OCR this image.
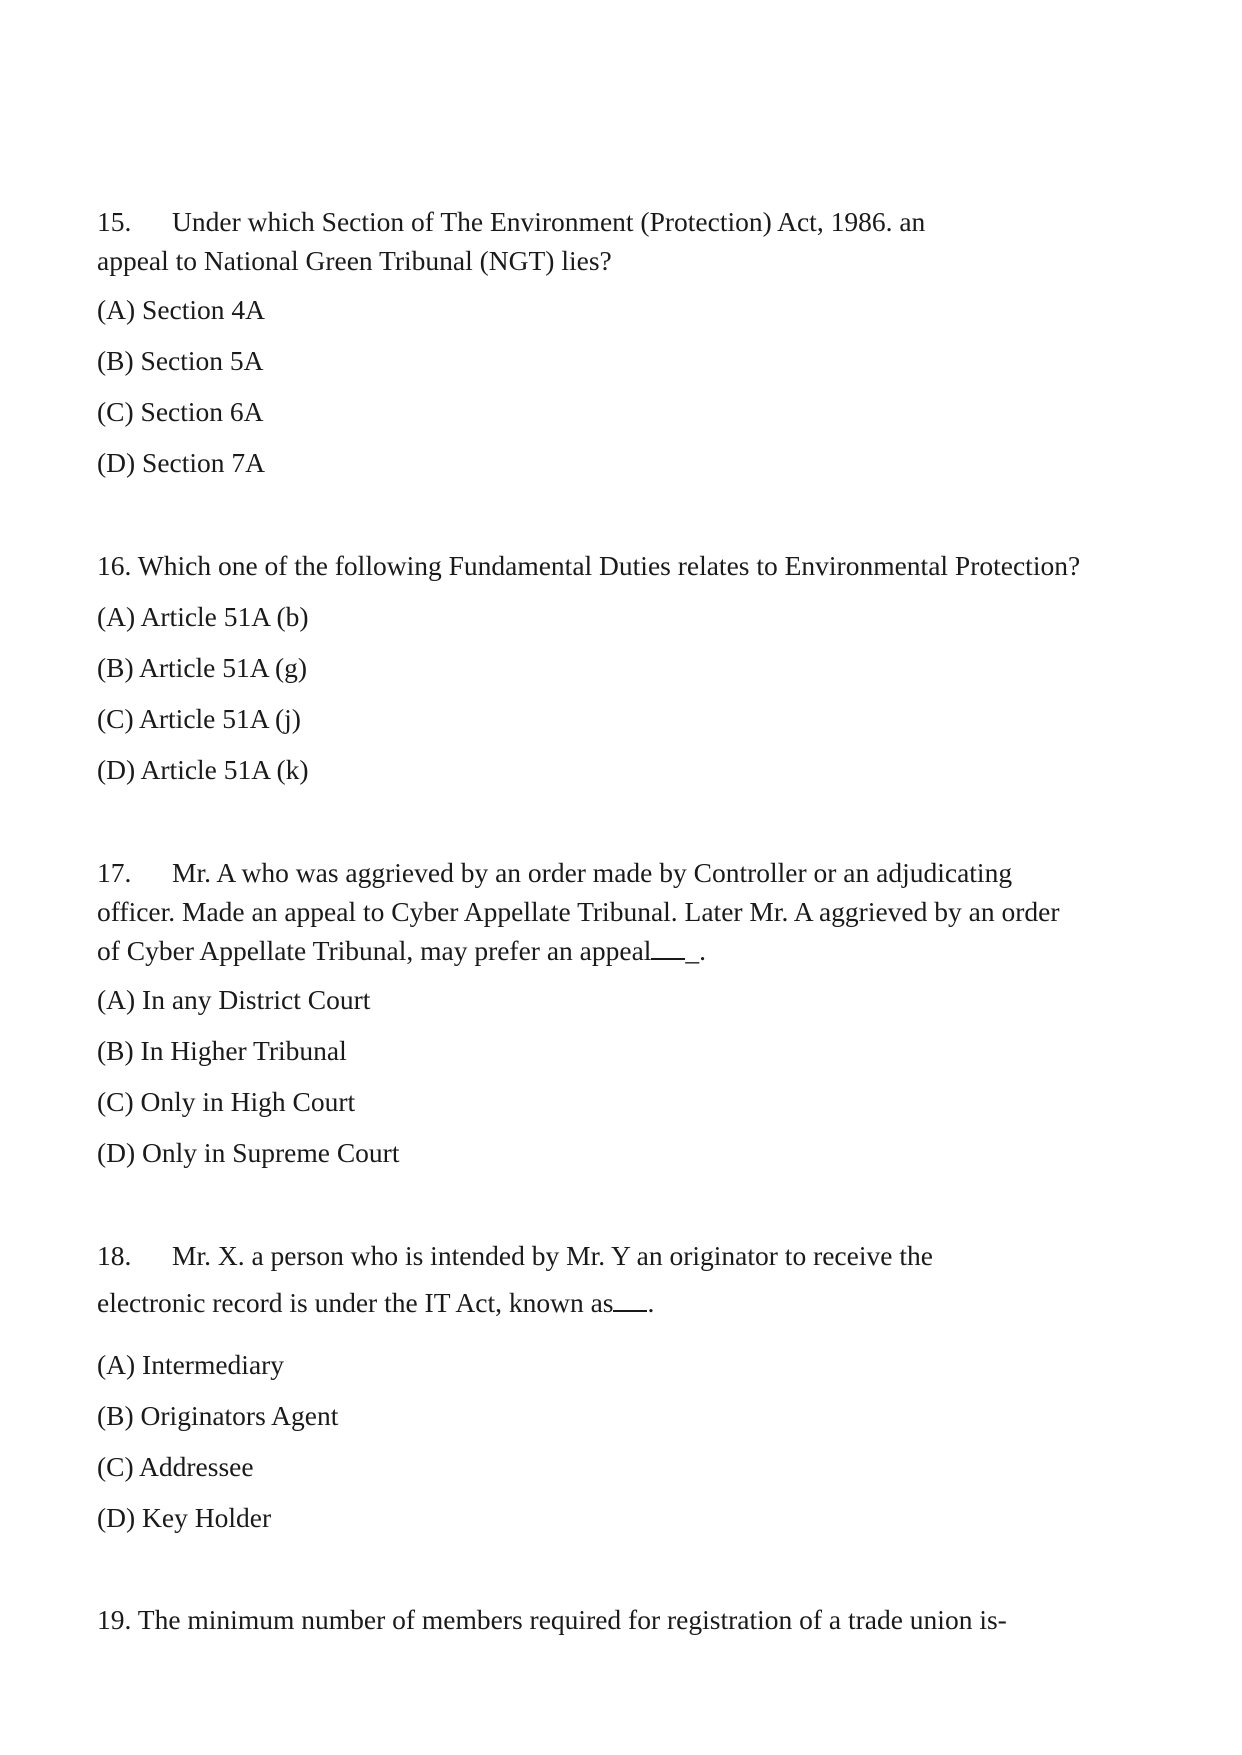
15. Under which Section of The Environment (Protection) Act, 1986. an
appeal to National Green Tribunal (NGT) lies?
(A) Section 4A
(B) Section 5A
(C) Section 6A
(D) Section 7A
16. Which one of the following Fundamental Duties relates to Environmental Protection?
(A) Article 51A (b)
(B) Article 51A (g)
(C) Article 51A (j)
(D) Article 51A (k)
17. Mr. A who was aggrieved by an order made by Controller or an adjudicating
officer. Made an appeal to Cyber Appellate Tribunal. Later Mr. A aggrieved by an order
of Cyber Appellate Tribunal, may prefer an appeal _.
(A) In any District Court
(B) In Higher Tribunal
(C) Only in High Court
(D) Only in Supreme Court
18. Mr. X. a person who is intended by Mr. Y an originator to receive the
electronic record is under the IT Act, known as .
(A) Intermediary
(B) Originators Agent
(C) Addressee
(D) Key Holder
19. The minimum number of members required for registration of a trade union is-
